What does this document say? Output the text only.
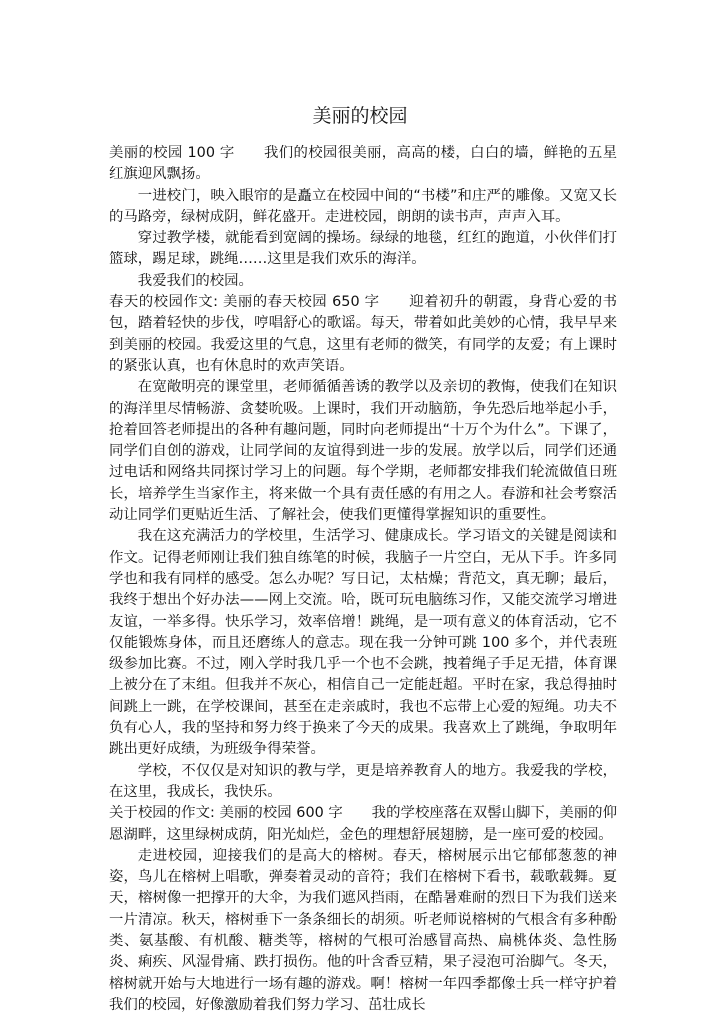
美丽的校园

美丽的校园 100 字　　我们的校园很美丽，高高的楼，白白的墙，鲜艳的五星红旗迎风飘扬。

一进校门，映入眼帘的是矗立在校园中间的“书楼”和庄严的雕像。又宽又长的马路旁，绿树成阴，鲜花盛开。走进校园，朗朗的读书声，声声入耳。

穿过教学楼，就能看到宽阔的操场。绿绿的地毯，红红的跑道，小伙伴们打篮球，踢足球，跳绳……这里是我们欢乐的海洋。

我爱我们的校园。

春天的校园作文: 美丽的春天校园 650 字　　迎着初升的朝霞，身背心爱的书包，踏着轻快的步伐，哼唱舒心的歌谣。每天，带着如此美妙的心情，我早早来到美丽的校园。我爱这里的气息，这里有老师的微笑，有同学的友爱；有上课时的紧张认真，也有休息时的欢声笑语。

在宽敞明亮的课堂里，老师循循善诱的教学以及亲切的教悔，使我们在知识的海洋里尽情畅游、贪婪吮吸。上课时，我们开动脑筋，争先恐后地举起小手，抢着回答老师提出的各种有趣问题，同时向老师提出“十万个为什么”。下课了，同学们自创的游戏，让同学间的友谊得到进一步的发展。放学以后，同学们还通过电话和网络共同探讨学习上的问题。每个学期，老师都安排我们轮流做值日班长，培养学生当家作主，将来做一个具有责任感的有用之人。春游和社会考察活动让同学们更贴近生活、了解社会，使我们更懂得掌握知识的重要性。

我在这充满活力的学校里，生活学习、健康成长。学习语文的关键是阅读和作文。记得老师刚让我们独自练笔的时候，我脑子一片空白，无从下手。许多同学也和我有同样的感受。怎么办呢？写日记，太枯燥；背范文，真无聊；最后，我终于想出个好办法——网上交流。哈，既可玩电脑练习作，又能交流学习增进友谊，一举多得。快乐学习，效率倍增！跳绳，是一项有意义的体育活动，它不仅能锻炼身体，而且还磨练人的意志。现在我一分钟可跳 100 多个，并代表班级参加比赛。不过，刚入学时我几乎一个也不会跳，拽着绳子手足无措，体育课上被分在了末组。但我并不灰心，相信自己一定能赶超。平时在家，我总得抽时间跳上一跳，在学校课间，甚至在走亲戚时，我也不忘带上心爱的短绳。功夫不负有心人，我的坚持和努力终于换来了今天的成果。我喜欢上了跳绳，争取明年跳出更好成绩，为班级争得荣誉。

学校，不仅仅是对知识的教与学，更是培养教育人的地方。我爱我的学校，在这里，我成长，我快乐。

关于校园的作文: 美丽的校园 600 字　　我的学校座落在双髻山脚下，美丽的仰恩湖畔，这里绿树成荫，阳光灿烂，金色的理想舒展翅膀，是一座可爱的校园。

走进校园，迎接我们的是高大的榕树。春天，榕树展示出它郁郁葱葱的神姿，鸟儿在榕树上唱歌，弹奏着灵动的音符；我们在榕树下看书，载歌载舞。夏天，榕树像一把撑开的大伞，为我们遮风挡雨，在酷暑难耐的烈日下为我们送来一片清凉。秋天，榕树垂下一条条细长的胡须。听老师说榕树的气根含有多种酚类、氨基酸、有机酸、糖类等，榕树的气根可治感冒高热、扁桃体炎、急性肠炎、痢疾、风湿骨痛、跌打损伤。他的叶含香豆精，果子浸泡可治脚气。冬天，榕树就开始与大地进行一场有趣的游戏。啊！榕树一年四季都像士兵一样守护着我们的校园，好像激励着我们努力学习、茁壮成长
